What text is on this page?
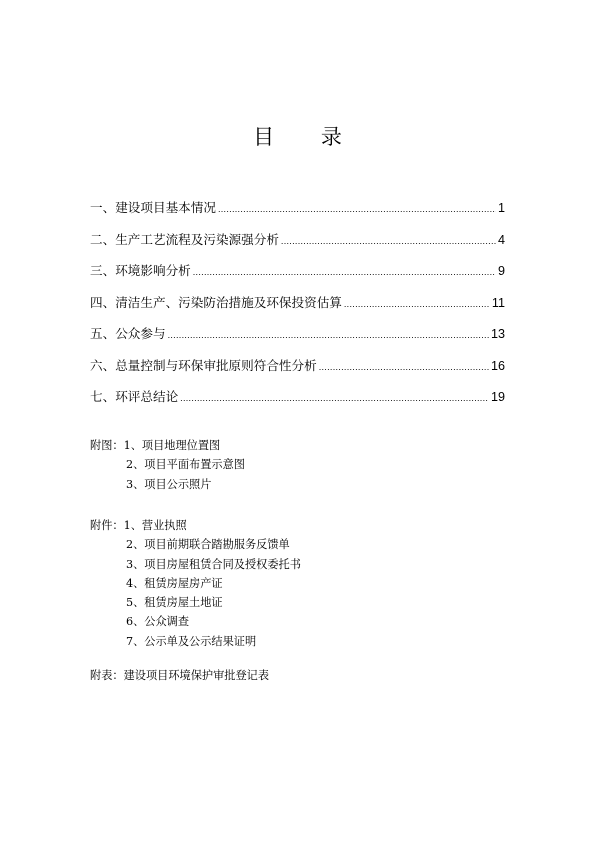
目 录
一、建设项目基本情况 .....	1
二、生产工艺流程及污染源强分析 .....	4
三、环境影响分析 .....	9
四、清洁生产、污染防治措施及环保投资估算 .....	11
五、公众参与 .....	13
六、总量控制与环保审批原则符合性分析 .....	16
七、环评总结论 .....	19
附图：1、项目地理位置图
2、项目平面布置示意图
3、项目公示照片
附件：1、营业执照
2、项目前期联合踏勘服务反馈单
3、项目房屋租赁合同及授权委托书
4、租赁房屋房产证
5、租赁房屋土地证
6、公众调查
7、公示单及公示结果证明
附表：建设项目环境保护审批登记表
